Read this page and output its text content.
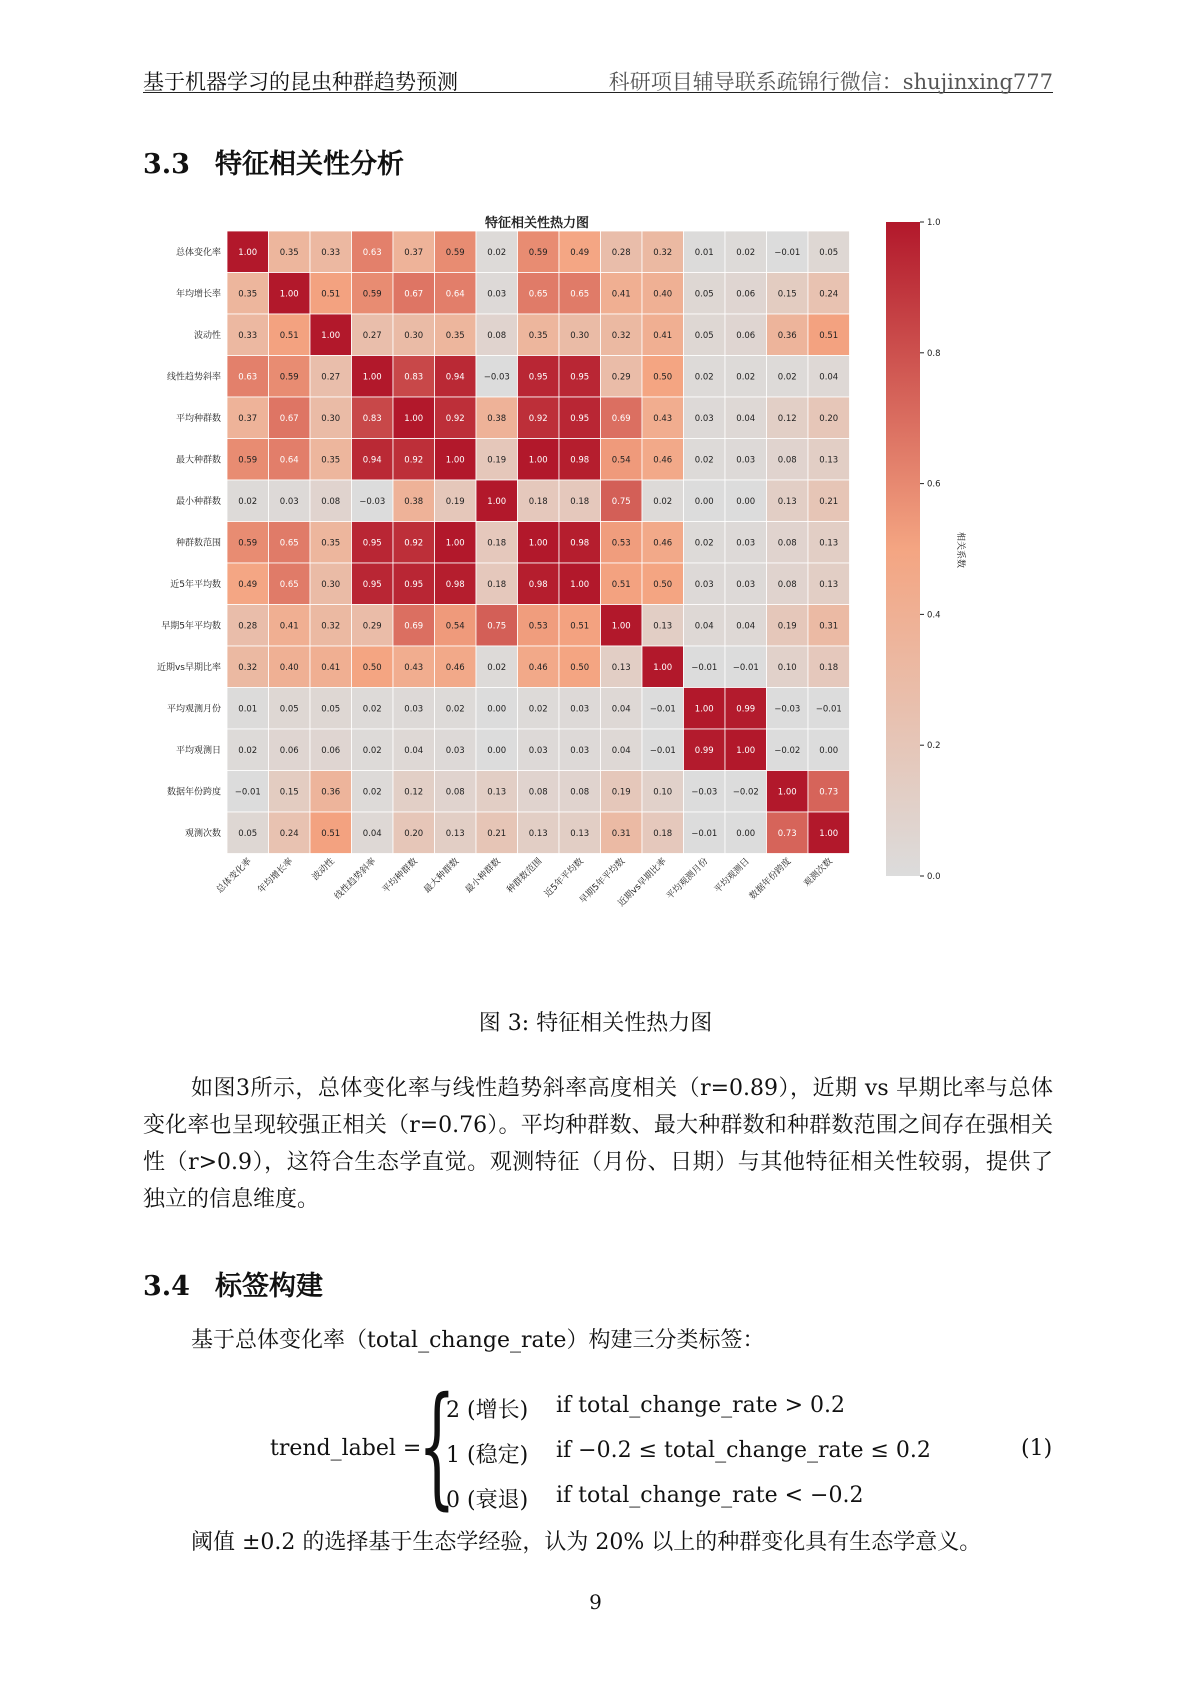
基于机器学习的昆虫种群趋势预测	科研项目辅导联系疏锦行微信：shujinxing777
3.3 特征相关性分析
特征相关性热力图
1.00	0.35	0.33	0.63	0.37	0.59	0.02	0.59	0.49	0.28	0.32	0.01	0.02 −0.01 0.05
0.35	1.00	0.51	0.59	0.67	0.64	0.03	0.65	0.65	0.41	0.40	0.05	0.06	0.15	0.24
0.33	0.51	1.00	0.27	0.30	0.35	0.08	0.35	0.30	0.32	0.41	0.05	0.06	0.36	0.51
0.63	0.59	0.27	1.00	0.83	0.94 −0.03 0.95	0.95	0.29	0.50	0.02	0.02	0.02	0.04
0.37	0.67	0.30	0.83	1.00	0.92	0.38	0.92	0.95	0.69	0.43	0.03	0.04	0.12	0.20
0.59	0.64	0.35	0.94	0.92	1.00	0.19	1.00	0.98	0.54	0.46	0.02	0.03	0.08	0.13
0.02	0.03	0.08 −0.03 0.38	0.19	1.00	0.18	0.18	0.75	0.02	0.00	0.00	0.13	0.21
0.59	0.65	0.35	0.95	0.92	1.00	0.18	1.00	0.98	0.53	0.46	0.02	0.03	0.08	0.13
0.49	0.65	0.30	0.95	0.95	0.98	0.18	0.98	1.00	0.51	0.50	0.03	0.03	0.08	0.13
0.28	0.41	0.32	0.29	0.69	0.54	0.75	0.53	0.51	1.00	0.13	0.04	0.04	0.19	0.31
0.32	0.40	0.41	0.50	0.43	0.46	0.02	0.46	0.50	0.13	1.00 −0.01 −0.01 0.10	0.18
0.01	0.05	0.05	0.02	0.03	0.02	0.00	0.02	0.03	0.04 −0.01 1.00	0.99 −0.03 −0.01
0.02	0.06	0.06	0.02	0.04	0.03	0.00	0.03	0.03	0.04 −0.01 0.99	1.00 −0.02 0.00
−0.01 0.15	0.36	0.02	0.12	0.08	0.13	0.08	0.08	0.19	0.10 −0.03 −0.02 1.00	0.73
0.05	0.24	0.51	0.04	0.20	0.13	0.21	0.13	0.13	0.31	0.18 −0.01 0.00	0.73	1.00
总体变化率
年均增长率
波动性
线性趋势斜率
平均种群数
最大种群数
最小种群数
种群数范围
近5年平均数
早期5年平均数
近期vs早期比率
平均观测月份
平均观测日
数据年份跨度
观测次数
总体变化率 年均增长率 波动性
线性趋势斜率 平均种群数 最大种群数 最小种群数 种群数范围
近5年平均数
早期5年平均数
近期vs早期比率
平均观测月份 平均观测日
数据年份跨度 观测次数	0.0
0.2
0.4
0.6
0.8
1.0
相关系数
图 3: 特征相关性热力图
如图3所示，总体变化率与线性趋势斜率高度相关（r=0.89），近期 vs 早期比率与总体变化率也呈现较强正相关（r=0.76）。平均种群数、最大种群数和种群数范围之间存在强相关性（r>0.9），这符合生态学直觉。观测特征（月份、日期）与其他特征相关性较弱，提供了独立的信息维度。
3.4 标签构建
基于总体变化率（total_change_rate）构建三分类标签：
trend_label =
{
2 (增长) if total_change_rate > 0.2
1 (稳定) if −0.2 ≤ total_change_rate ≤ 0.2
0 (衰退) if total_change_rate < −0.2
(1)
阈值 ±0.2 的选择基于生态学经验，认为 20% 以上的种群变化具有生态学意义。
9
